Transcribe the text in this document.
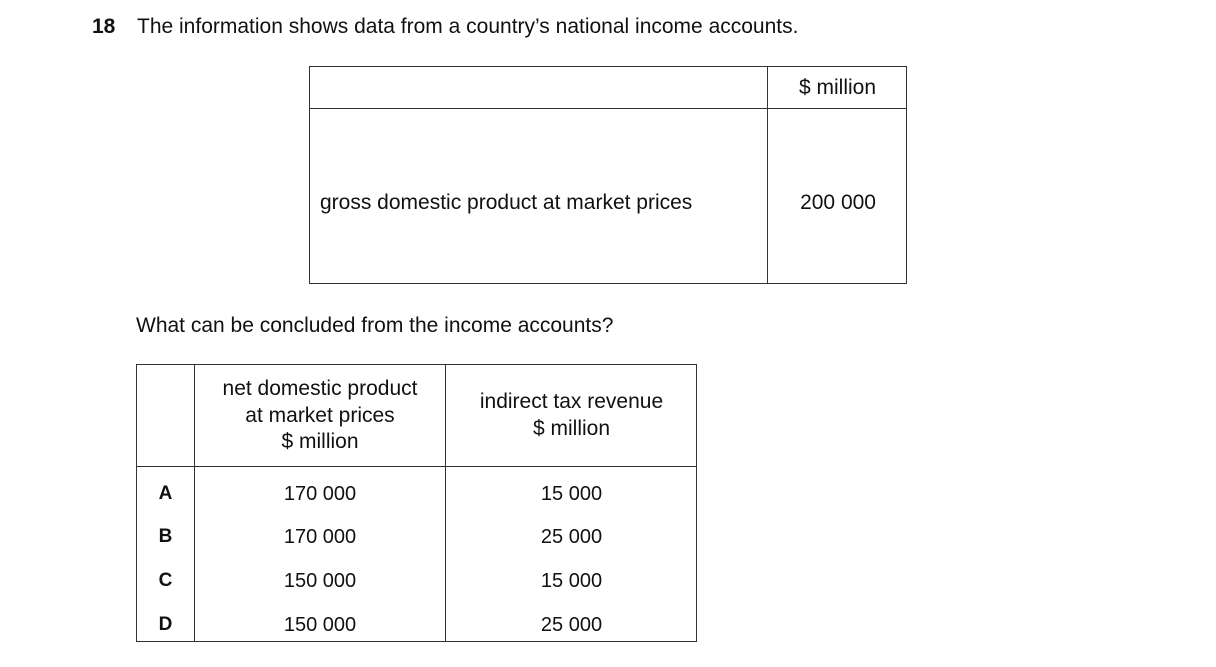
18 The information shows data from a country’s national income accounts.
$ million
gross domestic product at market prices	200 000
What can be concluded from the income accounts?
net domestic product
at market prices
$ million
indirect tax revenue
$ million
A	170 000	15 000
B	170 000	25 000
C	150 000	15 000
D	150 000	25 000
